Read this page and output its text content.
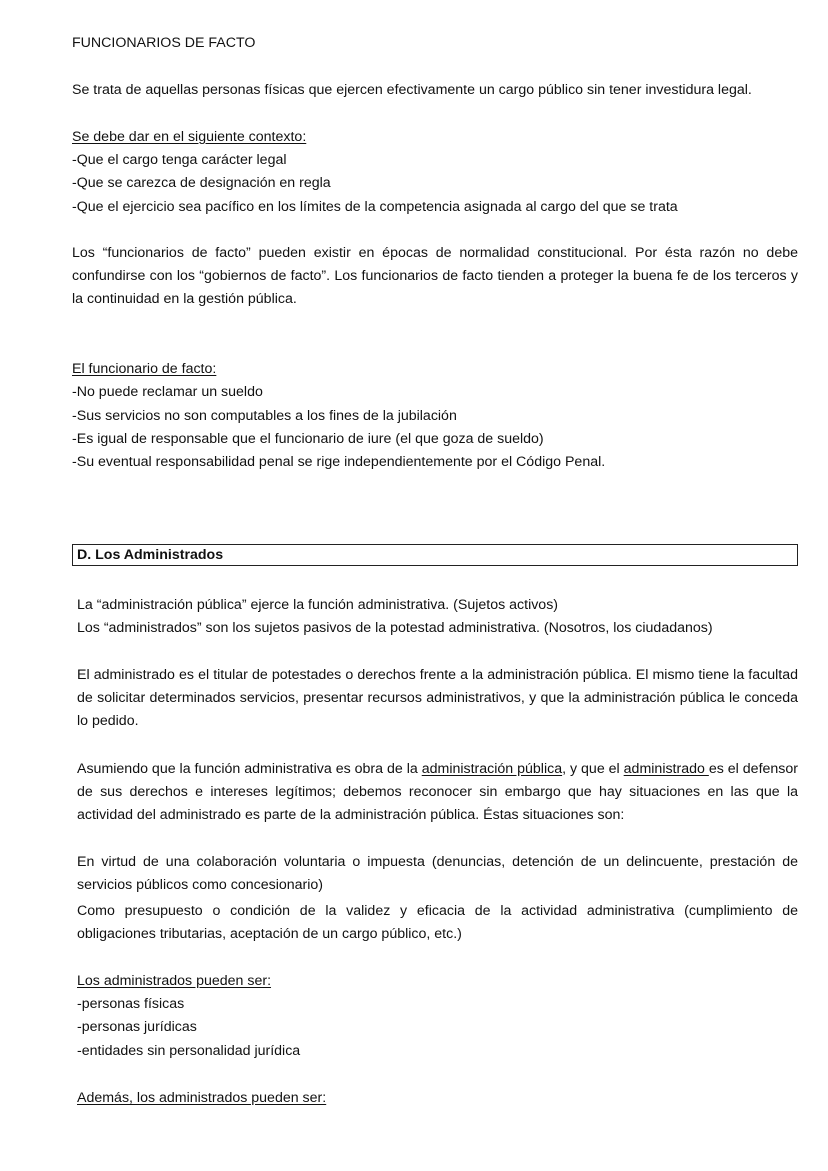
FUNCIONARIOS DE FACTO

Se trata de aquellas personas físicas que ejercen efectivamente un cargo público sin tener investidura legal.

Se debe dar en el siguiente contexto:

-Que el cargo tenga carácter legal

-Que se carezca de designación en regla

-Que el ejercicio sea pacífico en los límites de la competencia asignada al cargo del que se trata

Los “funcionarios de facto” pueden existir en épocas de normalidad constitucional. Por ésta razón no debe confundirse con los “gobiernos de facto”. Los funcionarios de facto tienden a proteger la buena fe de los terceros y la continuidad en la gestión pública.

El funcionario de facto:

-No puede reclamar un sueldo

-Sus servicios no son computables a los fines de la jubilación

-Es igual de responsable que el funcionario de iure (el que goza de sueldo)

-Su eventual responsabilidad penal se rige independientemente por el Código Penal.

D. Los Administrados

La “administración pública” ejerce la función administrativa. (Sujetos activos)

Los “administrados” son los sujetos pasivos de la potestad administrativa. (Nosotros, los ciudadanos)

El administrado es el titular de potestades o derechos frente a la administración pública. El mismo tiene la facultad de solicitar determinados servicios, presentar recursos administrativos, y que la administración pública le conceda lo pedido.

Asumiendo que la función administrativa es obra de la administración pública, y que el administrado es el defensor de sus derechos e intereses legítimos; debemos reconocer sin embargo que hay situaciones en las que la actividad del administrado es parte de la administración pública. Éstas situaciones son:

En virtud de una colaboración voluntaria o impuesta (denuncias, detención de un delincuente, prestación de servicios públicos como concesionario)

Como presupuesto o condición de la validez y eficacia de la actividad administrativa (cumplimiento de obligaciones tributarias, aceptación de un cargo público, etc.)

Los administrados pueden ser:

-personas físicas

-personas jurídicas

-entidades sin personalidad jurídica

Además, los administrados pueden ser:
